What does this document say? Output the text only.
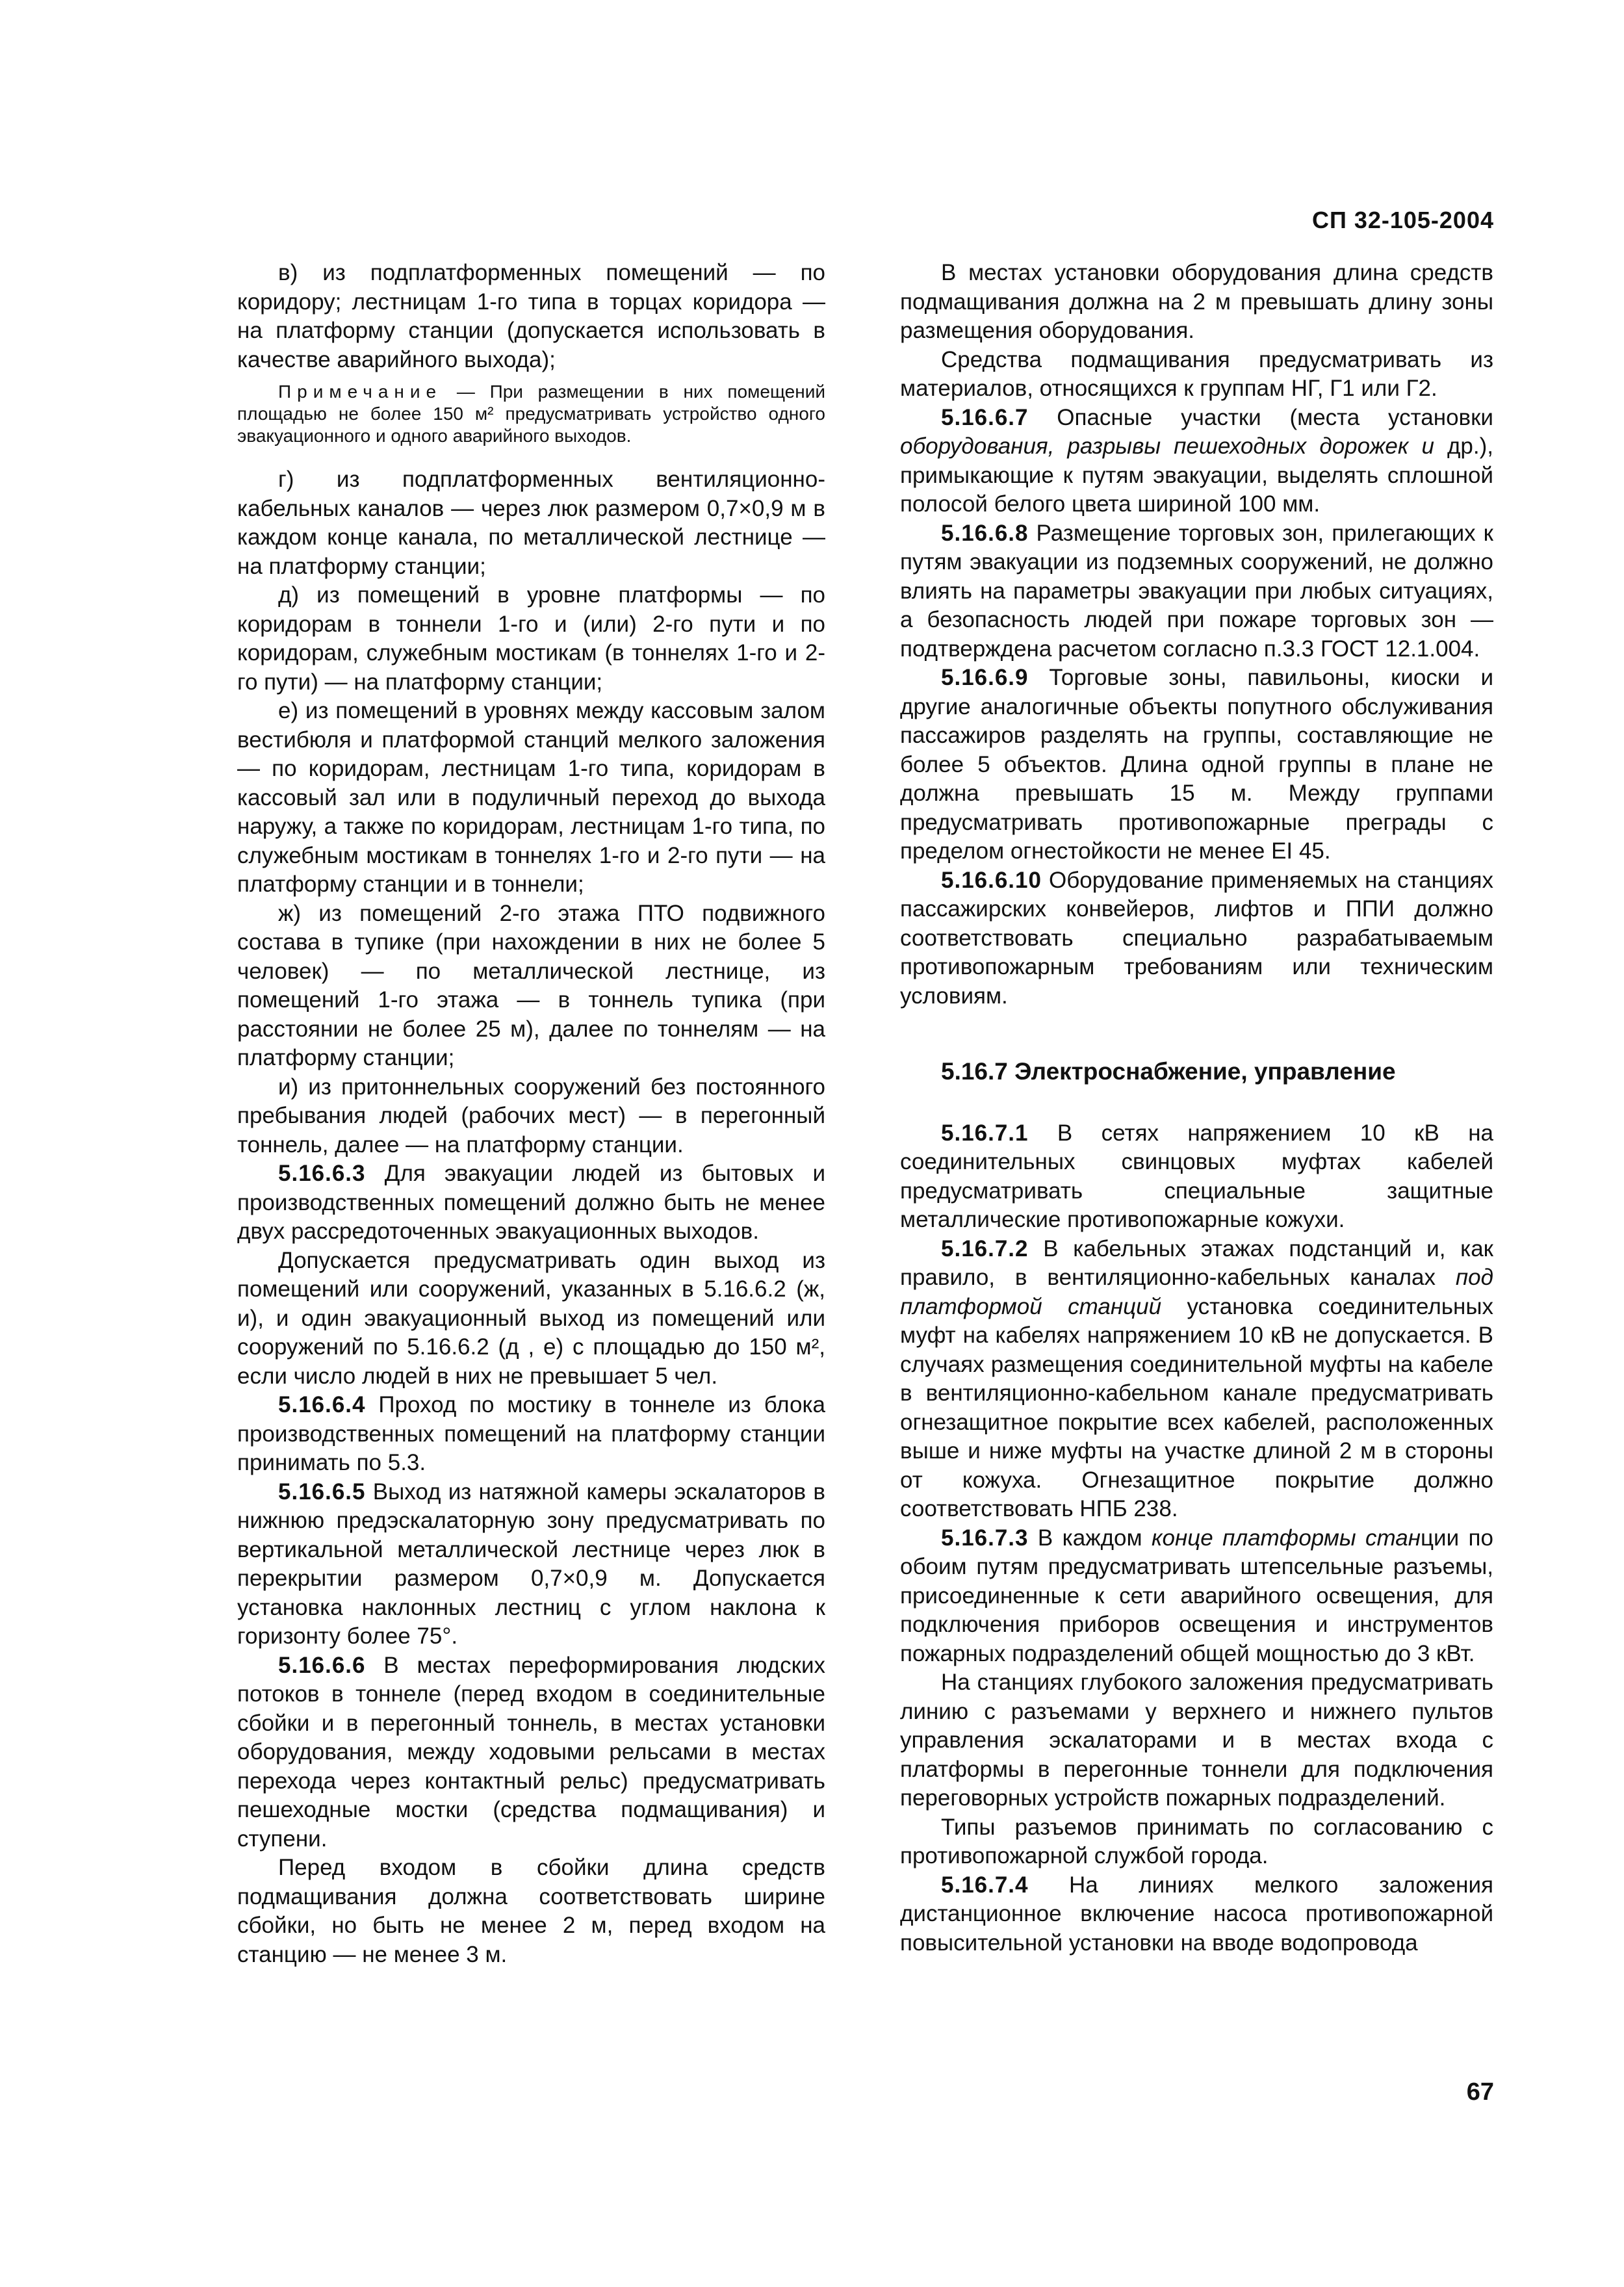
СП 32-105-2004

в) из подплатформенных помещений — по коридору; лестницам 1-го типа в торцах коридора — на платформу станции (допускается использовать в качестве аварийного выхода);

Примечание — При размещении в них помещений площадью не более 150 м² предусматривать устройство одного эвакуационного и одного аварийного выходов.

г) из подплатформенных вентиляционно-кабельных каналов — через люк размером 0,7×0,9 м в каждом конце канала, по металлической лестнице — на платформу станции;

д) из помещений в уровне платформы — по коридорам в тоннели 1-го и (или) 2-го пути и по коридорам, служебным мостикам (в тоннелях 1-го и 2-го пути) — на платформу станции;

е) из помещений в уровнях между кассовым залом вестибюля и платформой станций мелкого заложения — по коридорам, лестницам 1-го типа, коридорам в кассовый зал или в подуличный переход до выхода наружу, а также по коридорам, лестницам 1-го типа, по служебным мостикам в тоннелях 1-го и 2-го пути — на платформу станции и в тоннели;

ж) из помещений 2-го этажа ПТО подвижного состава в тупике (при нахождении в них не более 5 человек) — по металлической лестнице, из помещений 1-го этажа — в тоннель тупика (при расстоянии не более 25 м), далее по тоннелям — на платформу станции;

и) из притоннельных сооружений без постоянного пребывания людей (рабочих мест) — в перегонный тоннель, далее — на платформу станции.

5.16.6.3 Для эвакуации людей из бытовых и производственных помещений должно быть не менее двух рассредоточенных эвакуационных выходов.

Допускается предусматривать один выход из помещений или сооружений, указанных в 5.16.6.2 (ж, и), и один эвакуационный выход из помещений или сооружений по 5.16.6.2 (д , е) с площадью до 150 м², если число людей в них не превышает 5 чел.

5.16.6.4 Проход по мостику в тоннеле из блока производственных помещений на платформу станции принимать по 5.3.

5.16.6.5 Выход из натяжной камеры эскалаторов в нижнюю предэскалаторную зону предусматривать по вертикальной металлической лестнице через люк в перекрытии размером 0,7×0,9 м. Допускается установка наклонных лестниц с углом наклона к горизонту более 75°.

5.16.6.6 В местах переформирования людских потоков в тоннеле (перед входом в соединительные сбойки и в перегонный тоннель, в местах установки оборудования, между ходовыми рельсами в местах перехода через контактный рельс) предусматривать пешеходные мостки (средства подмащивания) и ступени.

Перед входом в сбойки длина средств подмащивания должна соответствовать ширине сбойки, но быть не менее 2 м, перед входом на станцию — не менее 3 м.

В местах установки оборудования длина средств подмащивания должна на 2 м превышать длину зоны размещения оборудования.

Средства подмащивания предусматривать из материалов, относящихся к группам НГ, Г1 или Г2.

5.16.6.7 Опасные участки (места установки оборудования, разрывы пешеходных дорожек и др.), примыкающие к путям эвакуации, выделять сплошной полосой белого цвета шириной 100 мм.

5.16.6.8 Размещение торговых зон, прилегающих к путям эвакуации из подземных сооружений, не должно влиять на параметры эвакуации при любых ситуациях, а безопасность людей при пожаре торговых зон — подтверждена расчетом согласно п.3.3 ГОСТ 12.1.004.

5.16.6.9 Торговые зоны, павильоны, киоски и другие аналогичные объекты попутного обслуживания пассажиров разделять на группы, составляющие не более 5 объектов. Длина одной группы в плане не должна превышать 15 м. Между группами предусматривать противопожарные преграды с пределом огнестойкости не менее EI 45.

5.16.6.10 Оборудование применяемых на станциях пассажирских конвейеров, лифтов и ППИ должно соответствовать специально разрабатываемым противопожарным требованиям или техническим условиям.

5.16.7 Электроснабжение, управление

5.16.7.1 В сетях напряжением 10 кВ на соединительных свинцовых муфтах кабелей предусматривать специальные защитные металлические противопожарные кожухи.

5.16.7.2 В кабельных этажах подстанций и, как правило, в вентиляционно-кабельных каналах под платформой станций установка соединительных муфт на кабелях напряжением 10 кВ не допускается. В случаях размещения соединительной муфты на кабеле в вентиляционно-кабельном канале предусматривать огнезащитное покрытие всех кабелей, расположенных выше и ниже муфты на участке длиной 2 м в стороны от кожуха. Огнезащитное покрытие должно соответствовать НПБ 238.

5.16.7.3 В каждом конце платформы станции по обоим путям предусматривать штепсельные разъемы, присоединенные к сети аварийного освещения, для подключения приборов освещения и инструментов пожарных подразделений общей мощностью до 3 кВт.

На станциях глубокого заложения предусматривать линию с разъемами у верхнего и нижнего пультов управления эскалаторами и в местах входа с платформы в перегонные тоннели для подключения переговорных устройств пожарных подразделений.

Типы разъемов принимать по согласованию с противопожарной службой города.

5.16.7.4 На линиях мелкого заложения дистанционное включение насоса противопожарной повысительной установки на вводе водопровода

67
